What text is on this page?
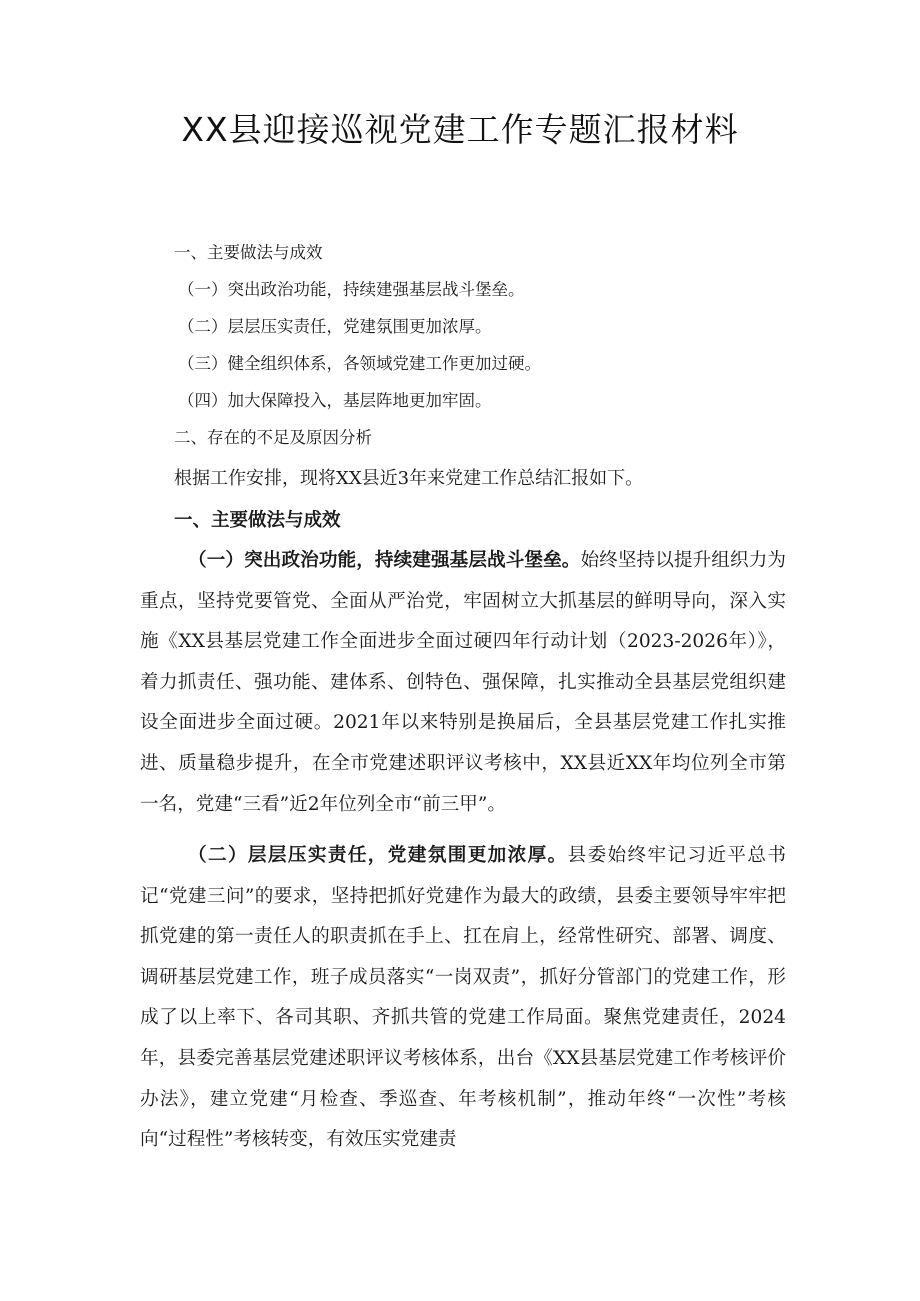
XX县迎接巡视党建工作专题汇报材料
一、主要做法与成效
（一）突出政治功能，持续建强基层战斗堡垒。
（二）层层压实责任，党建氛围更加浓厚。
（三）健全组织体系，各领域党建工作更加过硬。
（四）加大保障投入，基层阵地更加牢固。
二、存在的不足及原因分析
根据工作安排，现将XX县近3年来党建工作总结汇报如下。
一、主要做法与成效

（一）突出政治功能，持续建强基层战斗堡垒。始终坚持以提升组织力为重点，坚持党要管党、全面从严治党，牢固树立大抓基层的鲜明导向，深入实施《XX县基层党建工作全面进步全面过硬四年行动计划（2023-2026年）》，着力抓责任、强功能、建体系、创特色、强保障，扎实推动全县基层党组织建设全面进步全面过硬。2021年以来特别是换届后，全县基层党建工作扎实推进、质量稳步提升，在全市党建述职评议考核中，XX县近XX年均位列全市第一名，党建“三看”近2年位列全市“前三甲”。

（二）层层压实责任，党建氛围更加浓厚。县委始终牢记习近平总书记“党建三问”的要求，坚持把抓好党建作为最大的政绩，县委主要领导牢牢把抓党建的第一责任人的职责抓在手上、扛在肩上，经常性研究、部署、调度、调研基层党建工作，班子成员落实“一岗双责”，抓好分管部门的党建工作，形成了以上率下、各司其职、齐抓共管的党建工作局面。聚焦党建责任，2024年，县委完善基层党建述职评议考核体系，出台《XX县基层党建工作考核评价办法》，建立党建“月检查、季巡查、年考核机制”，推动年终“一次性”考核向“过程性”考核转变，有效压实党建责
